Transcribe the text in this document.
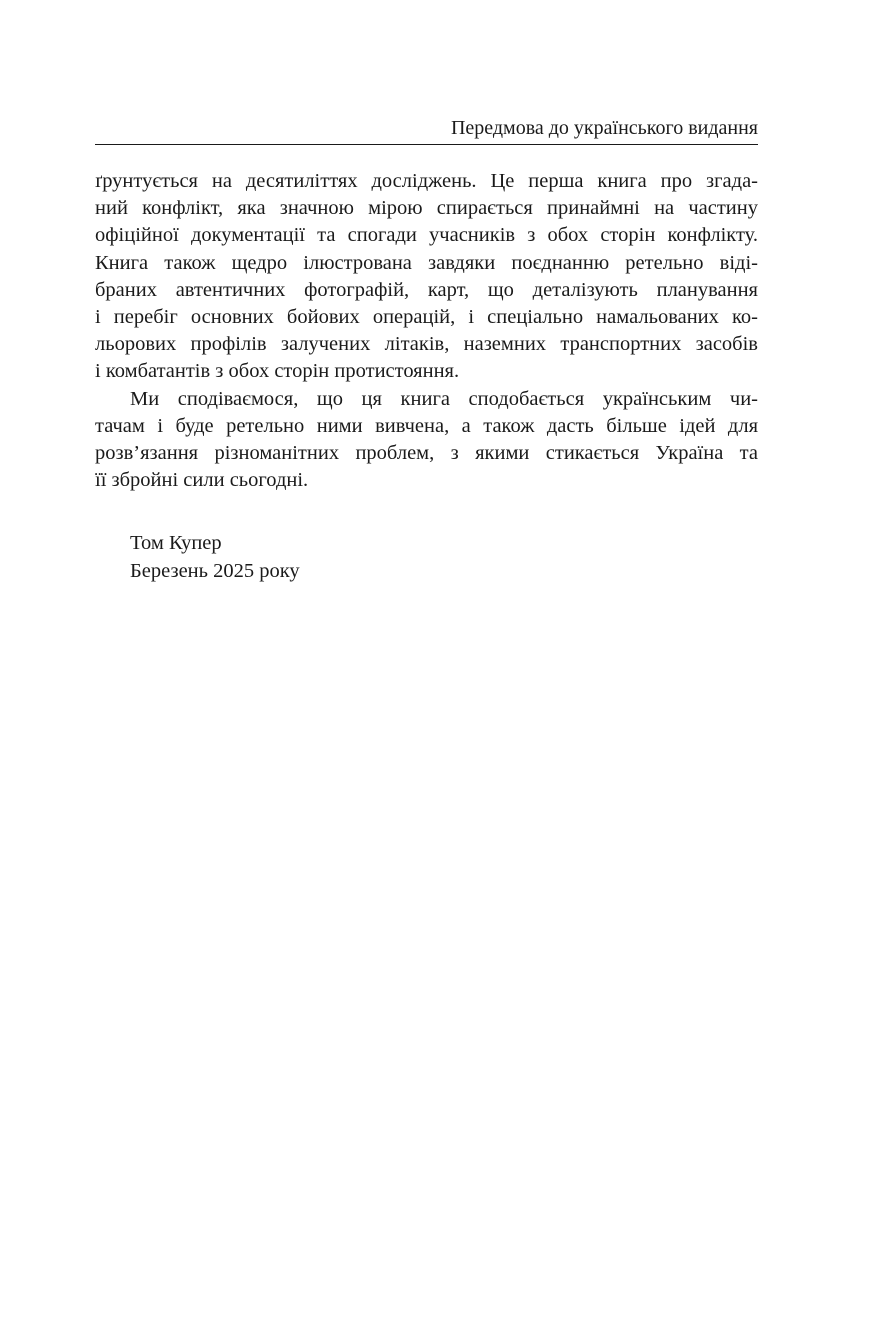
Передмова до українського видання

ґрунтується на десятиліттях досліджень. Це перша книга про згада-
ний конфлікт, яка значною мірою спирається принаймні на частину
офіційної документації та спогади учасників з обох сторін конфлікту.
Книга також щедро ілюстрована завдяки поєднанню ретельно віді-
браних автентичних фотографій, карт, що деталізують планування
і перебіг основних бойових операцій, і спеціально намальованих ко-
льорових профілів залучених літаків, наземних транспортних засобів
і комбатантів з обох сторін протистояння.

Ми сподіваємося, що ця книга сподобається українським чи-
тачам і буде ретельно ними вивчена, а також дасть більше ідей для
розв’язання різноманітних проблем, з якими стикається Україна та
її збройні сили сьогодні.

Том Купер
Березень 2025 року
